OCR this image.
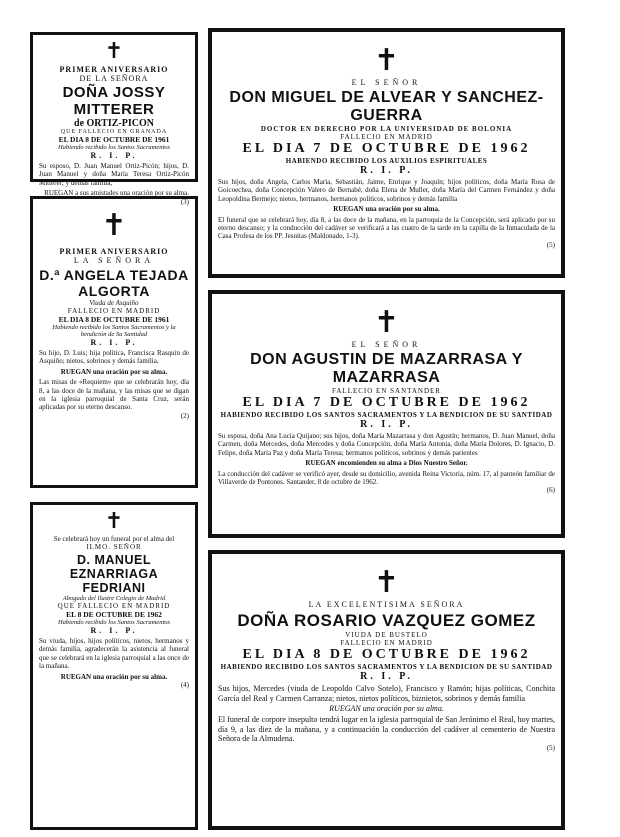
✝
PRIMER ANIVERSARIO
DE LA SEÑORA
DOÑA JOSSY MITTERER
de ORTIZ-PICON
QUE FALLECIO EN GRANADA
EL DIA 8 DE OCTUBRE DE 1961
Habiendo recibido los Santos Sacramentos
R. I. P.
Su esposo, D. Juan Manuel Ortiz-Picón; hijos, D. Juan Manuel y doña María Teresa Ortiz-Picón Mitterer; y demás familia,
RUEGAN a sus amistades una oración por su alma.
(3)
✝
PRIMER ANIVERSARIO
LA SEÑORA
D.ª ANGELA TEJADA
ALGORTA
Viuda de Asquiño
FALLECIO EN MADRID
EL DIA 8 DE OCTUBRE DE 1961
Habiendo recibido los Santos Sacramentos y la bendición de Su Santidad
R. I. P.
Su hijo, D. Luis; hija política, Francisca Rasquin de Asquiño; nietos, sobrinos y demás familia,
RUEGAN una oración por su alma.
Las misas de «Requiem» que se celebrarán hoy, día 8, a las doce de la mañana, y las misas que se digan en la iglesia parroquial de Santa Cruz, serán aplicadas por su eterno descanso.
(2)
✝
Se celebrará hoy un funeral por el alma del
ILMO. SEÑOR
D. MANUEL EZNARRIAGA
FEDRIANI
Abogado del Ilustre Colegio de Madrid
QUE FALLECIO EN MADRID
EL 8 DE OCTUBRE DE 1962
Habiendo recibido los Santos Sacramentos
R. I. P.
Su viuda, hijos, hijos políticos, nietos, hermanos y demás familia, agradecerán la asistencia al funeral que se celebrará en la iglesia parroquial a las once de la mañana.
RUEGAN una oración por su alma.
(4)
✝
EL SEÑOR
DON MIGUEL DE ALVEAR Y SANCHEZ-GUERRA
DOCTOR EN DERECHO POR LA UNIVERSIDAD DE BOLONIA
FALLECIO EN MADRID
EL DIA 7 DE OCTUBRE DE 1962
HABIENDO RECIBIDO LOS AUXILIOS ESPIRITUALES
R. I. P.
Sus hijos, doña Angela, Carlos María, Sebastián, Jaime, Enrique y Joaquín; hijos políticos, doña María Rosa de Goicoechea, doña Concepción Valero de Bernabé, doña Elena de Muller, doña María del Carmen Fernández y doña Leopoldina Bermejo; nietos, hermanos, hermanos políticos, sobrinos y demás familia
RUEGAN una oración por su alma.
El funeral que se celebrará hoy, día 8, a las doce de la mañana, en la parroquia de la Concepción, será aplicado por su eterno descanso; y la conducción del cadáver se verificará a las cuatro de la tarde en la capilla de la Inmaculada de la Casa Profesa de los PP. Jesuitas (Maldonado, 1-3).
(5)
✝
EL SEÑOR
DON AGUSTIN DE MAZARRASA Y MAZARRASA
FALLECIO EN SANTANDER
EL DIA 7 DE OCTUBRE DE 1962
HABIENDO RECIBIDO LOS SANTOS SACRAMENTOS Y LA BENDICION DE SU SANTIDAD
R. I. P.
Su esposa, doña Ana Lucia Quijano; sus hijos, doña María Mazarrasa y don Agustín; hermanos, D. Juan Manuel, doña Carmen, doña Mercedes, doña Mercedes y doña Concepción, doña María Antonia, doña María Dolores, D. Ignacio, D. Felipe, doña María Paz y doña María Teresa; hermanos políticos, sobrinos y demás parientes
RUEGAN encomienden su alma a Dios Nuestro Señor.
La conducción del cadáver se verificó ayer, desde su domicilio, avenida Reina Victoria, núm. 17, al panteón familiar de Villaverde de Pontones. Santander, 8 de octubre de 1962.
(6)
✝
LA EXCELENTISIMA SEÑORA
DOÑA ROSARIO VAZQUEZ GOMEZ
VIUDA DE BUSTELO
FALLECIO EN MADRID
EL DIA 8 DE OCTUBRE DE 1962
HABIENDO RECIBIDO LOS SANTOS SACRAMENTOS Y LA BENDICION DE SU SANTIDAD
R. I. P.
Sus hijos, Mercedes (viuda de Leopoldo Calvo Sotelo), Francisco y Ramón; hijas políticas, Conchita García del Real y Carmen Carranza; nietos, nietos políticos, biznietos, sobrinos y demás familia
RUEGAN una oración por su alma.
El funeral de corpore insepulto tendrá lugar en la iglesia parroquial de San Jerónimo el Real, hoy martes, día 9, a las diez de la mañana, y a continuación la conducción del cadáver al cementerio de Nuestra Señora de la Almudena.
(5)
